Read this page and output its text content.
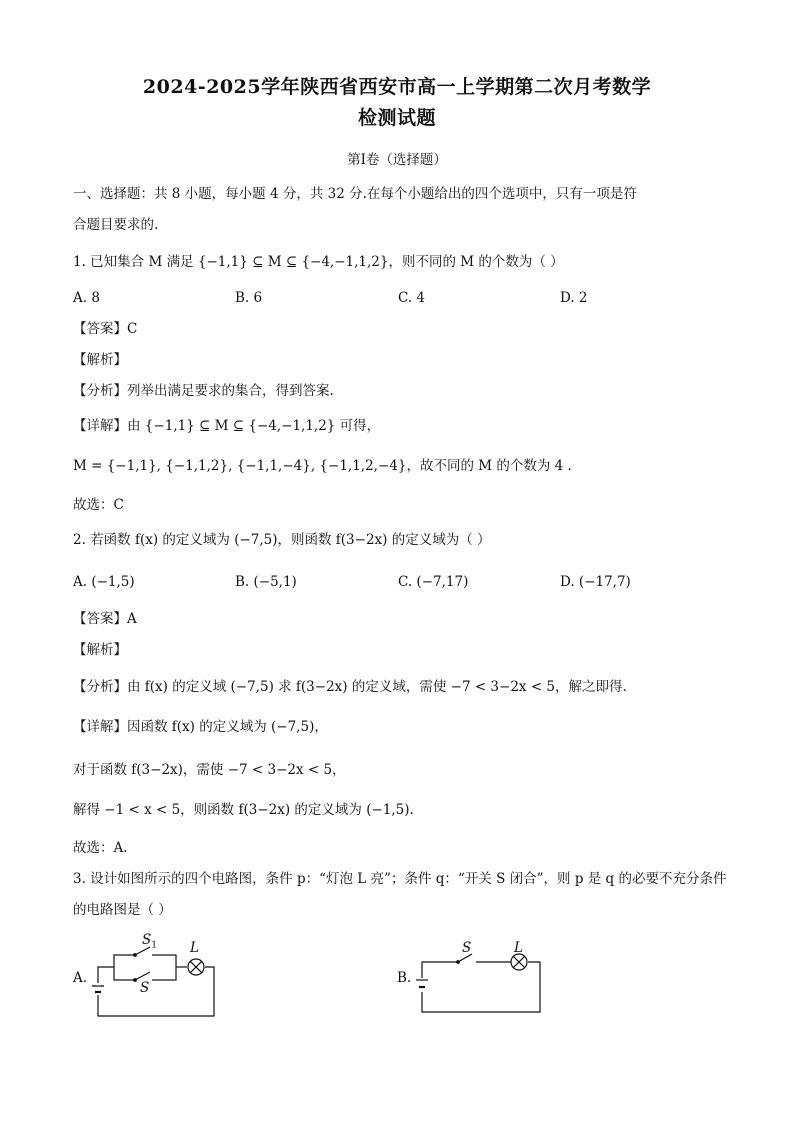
2024-2025学年陕西省西安市高一上学期第二次月考数学
检测试题
第Ⅰ卷（选择题）
一、选择题：共 8 小题，每小题 4 分，共 32 分.在每个小题给出的四个选项中，只有一项是符
合题目要求的.
1. 已知集合 M 满足 {−1,1} ⊆ M ⊆ {−4,−1,1,2}，则不同的 M 的个数为（ ）
A. 8	B. 6	C. 4	D. 2
【答案】C
【解析】
【分析】列举出满足要求的集合，得到答案.
【详解】由 {−1,1} ⊆ M ⊆ {−4,−1,1,2} 可得，
M = {−1,1}, {−1,1,2}, {−1,1,−4}, {−1,1,2,−4}，故不同的 M 的个数为 4 .
故选：C
2. 若函数 f(x) 的定义域为 (−7,5)，则函数 f(3−2x) 的定义域为（ ）
A. (−1,5)	B. (−5,1)	C. (−7,17)	D. (−17,7)
【答案】A
【解析】
【分析】由 f(x) 的定义域 (−7,5) 求 f(3−2x) 的定义域，需使 −7 < 3−2x < 5，解之即得.
【详解】因函数 f(x) 的定义域为 (−7,5)，
对于函数 f(3−2x)，需使 −7 < 3−2x < 5，
解得 −1 < x < 5，则函数 f(3−2x) 的定义域为 (−1,5).
故选：A.
3. 设计如图所示的四个电路图，条件 p：“灯泡 L 亮”；条件 q：“开关 S 闭合”，则 p 是 q 的必要不充分条件
的电路图是（ ）
A.	B.
$S_1$
S
L	S	L
